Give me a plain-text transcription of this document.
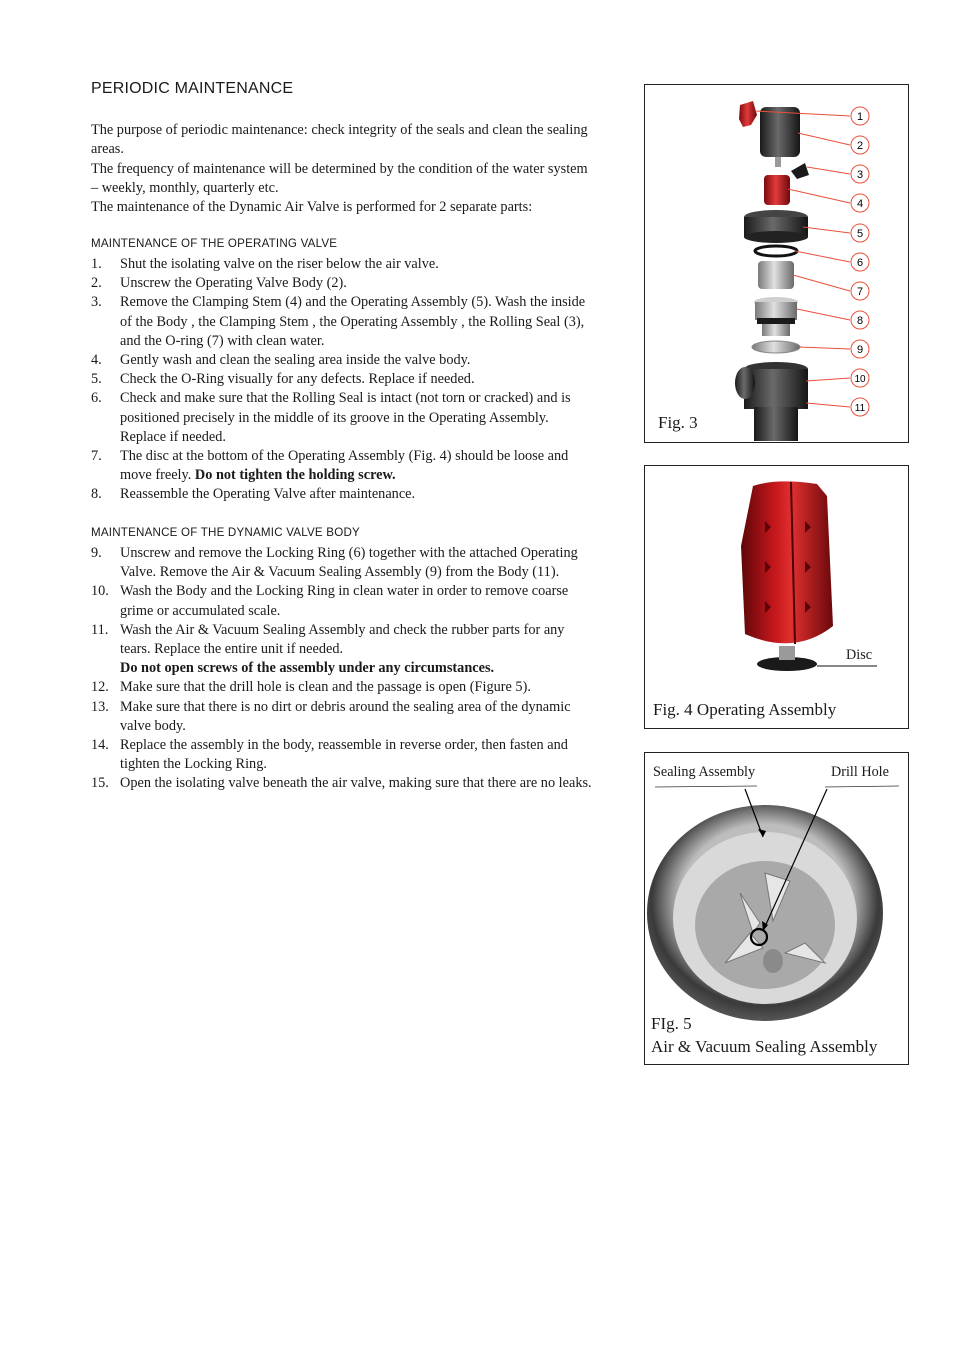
PERIODIC MAINTENANCE

The purpose of periodic maintenance: check integrity of the seals and clean the sealing areas.

The frequency of maintenance will be determined by the condition of the water system – weekly, monthly, quarterly etc.

The maintenance of the Dynamic Air Valve is performed for 2 separate parts:

MAINTENANCE OF THE OPERATING VALVE
1. Shut the isolating valve on the riser below the air valve.
2. Unscrew the Operating Valve Body (2).
3. Remove the Clamping Stem (4) and the Operating Assembly (5). Wash the inside of the Body , the Clamping Stem , the Operating Assembly , the Rolling Seal (3), and the O-ring (7) with clean water.
4. Gently wash and clean the sealing area inside the valve body.
5. Check the O-Ring visually for any defects. Replace if needed.
6. Check and make sure that the Rolling Seal is intact (not torn or cracked) and is positioned precisely in the middle of its groove in the Operating Assembly. Replace if needed.
7. The disc at the bottom of the Operating Assembly (Fig. 4) should be loose and move freely. Do not tighten the holding screw.
8. Reassemble the Operating Valve after maintenance.
MAINTENANCE OF THE DYNAMIC VALVE BODY
9. Unscrew and remove the Locking Ring (6) together with the attached Operating Valve. Remove the Air & Vacuum Sealing Assembly (9) from the Body (11).
10. Wash the Body and the Locking Ring in clean water in order to remove coarse grime or accumulated scale.
11. Wash the Air & Vacuum Sealing Assembly and check the rubber parts for any tears. Replace the entire unit if needed.
Do not open screws of the assembly under any circumstances.
12. Make sure that the drill hole is clean and the passage is open (Figure 5).
13. Make sure that there is no dirt or debris around the sealing area of the dynamic valve body.
14. Replace the assembly in the body, reassemble in reverse order, then fasten and tighten the Locking Ring.
15. Open the isolating valve beneath the air valve, making sure that there are no leaks.
1
2
3
4
5
6
7
8
9
10
11
Fig. 3
Disc
Fig. 4 Operating Assembly
Sealing Assembly	Drill Hole
FIg. 5
Air & Vacuum Sealing Assembly
